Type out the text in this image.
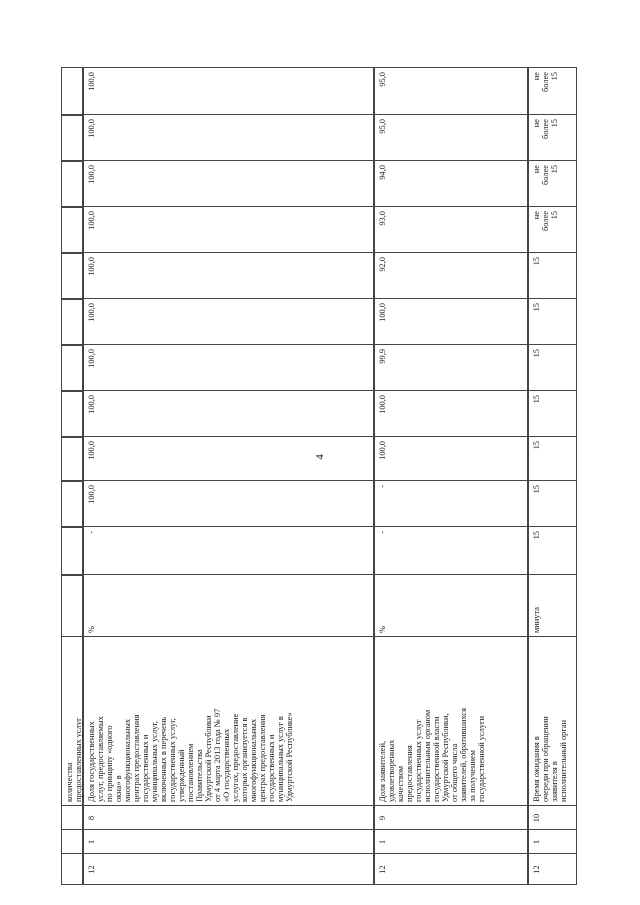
4
количества
предоставленных услуг
12
1
8
Доля государственных
услуг, предоставляемых
по принципу «одного
окна» в
многофункциональных
центрах предоставления
государственных и
муниципальных услуг,
включенных в перечень
государственных услуг,
утвержденный
постановлением
Правительства
Удмуртской Республики
от 4 марта 2013 года № 97
«О государственных
услугах, предоставление
которых организуется в
многофункциональных
центрах предоставления
государственных и
муниципальных услуг в
Удмуртской Республике»
%
-
100,0
100,0
100,0
100,0
100,0
100,0
100,0
100,0
100,0
100,0
12
1
9
Доля заявителей,
удовлетворенных
качеством
предоставления
государственных услуг
исполнительным органом
государственной власти
Удмуртской Республики,
от общего числа
заявителей, обратившихся
за получением
государственной услуги
%
-
-
100,0
100,0
99,9
100,0
92,0
93,0
94,0
95,0
95,0
12
1
10
Время ожидания в
очереди при обращении
заявителя в
исполнительный орган
минута
15
15
15
15
15
15
15
не
более
15
не
более
15
не
более
15
не
более
15
